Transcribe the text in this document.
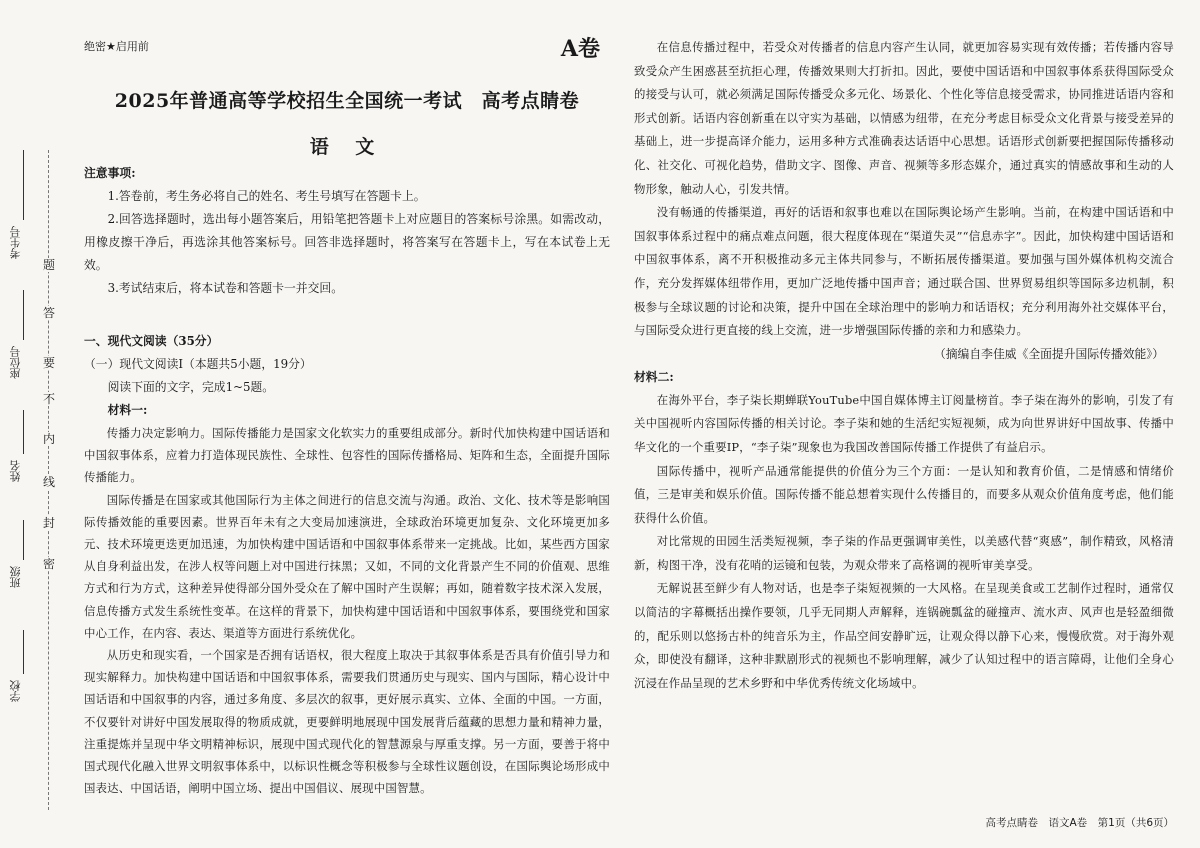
题
答
要
不
内
线
封
密
考生号
座位号
姓名
班级
学校
绝密★启用前	A卷
2025年普通高等学校招生全国统一考试　高考点睛卷
语 文

注意事项:

1.答卷前，考生务必将自己的姓名、考生号填写在答题卡上。

2.回答选择题时，选出每小题答案后，用铅笔把答题卡上对应题目的答案标号涂黑。如需改动，用橡皮擦干净后，再选涂其他答案标号。回答非选择题时，将答案写在答题卡上，写在本试卷上无效。

3.考试结束后，将本试卷和答题卡一并交回。

一、现代文阅读（35分）

（一）现代文阅读Ⅰ（本题共5小题，19分）

阅读下面的文字，完成1~5题。

材料一:

传播力决定影响力。国际传播能力是国家文化软实力的重要组成部分。新时代加快构建中国话语和中国叙事体系，应着力打造体现民族性、全球性、包容性的国际传播格局、矩阵和生态，全面提升国际传播能力。

国际传播是在国家或其他国际行为主体之间进行的信息交流与沟通。政治、文化、技术等是影响国际传播效能的重要因素。世界百年未有之大变局加速演进，全球政治环境更加复杂、文化环境更加多元、技术环境更迭更加迅速，为加快构建中国话语和中国叙事体系带来一定挑战。比如，某些西方国家从自身利益出发，在涉人权等问题上对中国进行抹黑；又如，不同的文化背景产生不同的价值观、思维方式和行为方式，这种差异使得部分国外受众在了解中国时产生误解；再如，随着数字技术深入发展，信息传播方式发生系统性变革。在这样的背景下，加快构建中国话语和中国叙事体系，要围绕党和国家中心工作，在内容、表达、渠道等方面进行系统优化。

从历史和现实看，一个国家是否拥有话语权，很大程度上取决于其叙事体系是否具有价值引导力和现实解释力。加快构建中国话语和中国叙事体系，需要我们贯通历史与现实、国内与国际，精心设计中国话语和中国叙事的内容，通过多角度、多层次的叙事，更好展示真实、立体、全面的中国。一方面，不仅要针对讲好中国发展取得的物质成就，更要鲜明地展现中国发展背后蕴藏的思想力量和精神力量，注重提炼并呈现中华文明精神标识，展现中国式现代化的智慧源泉与厚重支撑。另一方面，要善于将中国式现代化融入世界文明叙事体系中，以标识性概念等积极参与全球性议题创设，在国际舆论场形成中国表达、中国话语，阐明中国立场、提出中国倡议、展现中国智慧。

在信息传播过程中，若受众对传播者的信息内容产生认同，就更加容易实现有效传播；若传播内容导致受众产生困惑甚至抗拒心理，传播效果则大打折扣。因此，要使中国话语和中国叙事体系获得国际受众的接受与认可，就必须满足国际传播受众多元化、场景化、个性化等信息接受需求，协同推进话语内容和形式创新。话语内容创新重在以守实为基础，以情感为纽带，在充分考虑目标受众文化背景与接受差异的基础上，进一步提高译介能力，运用多种方式准确表达话语中心思想。话语形式创新要把握国际传播移动化、社交化、可视化趋势，借助文字、图像、声音、视频等多形态媒介，通过真实的情感故事和生动的人物形象，触动人心，引发共情。

没有畅通的传播渠道，再好的话语和叙事也难以在国际舆论场产生影响。当前，在构建中国话语和中国叙事体系过程中的痛点难点问题，很大程度体现在“渠道失灵”“信息赤字”。因此，加快构建中国话语和中国叙事体系，离不开积极推动多元主体共同参与，不断拓展传播渠道。要加强与国外媒体机构交流合作，充分发挥媒体纽带作用，更加广泛地传播中国声音；通过联合国、世界贸易组织等国际多边机制，积极参与全球议题的讨论和决策，提升中国在全球治理中的影响力和话语权；充分利用海外社交媒体平台，与国际受众进行更直接的线上交流，进一步增强国际传播的亲和力和感染力。

（摘编自李佳威《全面提升国际传播效能》）

材料二:

在海外平台，李子柒长期蝉联YouTube中国自媒体博主订阅量榜首。李子柒在海外的影响，引发了有关中国视听内容国际传播的相关讨论。李子柒和她的生活纪实短视频，成为向世界讲好中国故事、传播中华文化的一个重要IP，“李子柒”现象也为我国改善国际传播工作提供了有益启示。

国际传播中，视听产品通常能提供的价值分为三个方面：一是认知和教育价值，二是情感和情绪价值，三是审美和娱乐价值。国际传播不能总想着实现什么传播目的，而要多从观众价值角度考虑，他们能获得什么价值。

对比常规的田园生活类短视频，李子柒的作品更强调审美性，以美感代替“爽感”，制作精致，风格清新，构图干净，没有花哨的运镜和包装，为观众带来了高格调的视听审美享受。

无解说甚至鲜少有人物对话，也是李子柒短视频的一大风格。在呈现美食或工艺制作过程时，通常仅以简洁的字幕概括出操作要领，几乎无同期人声解释，连锅碗瓢盆的碰撞声、流水声、风声也是轻盈细微的，配乐则以悠扬古朴的纯音乐为主，作品空间安静旷远，让观众得以静下心来，慢慢欣赏。对于海外观众，即使没有翻译，这种非默剧形式的视频也不影响理解，减少了认知过程中的语言障碍，让他们全身心沉浸在作品呈现的艺术乡野和中华优秀传统文化场域中。

高考点睛卷　语文A卷　第1页（共6页）
